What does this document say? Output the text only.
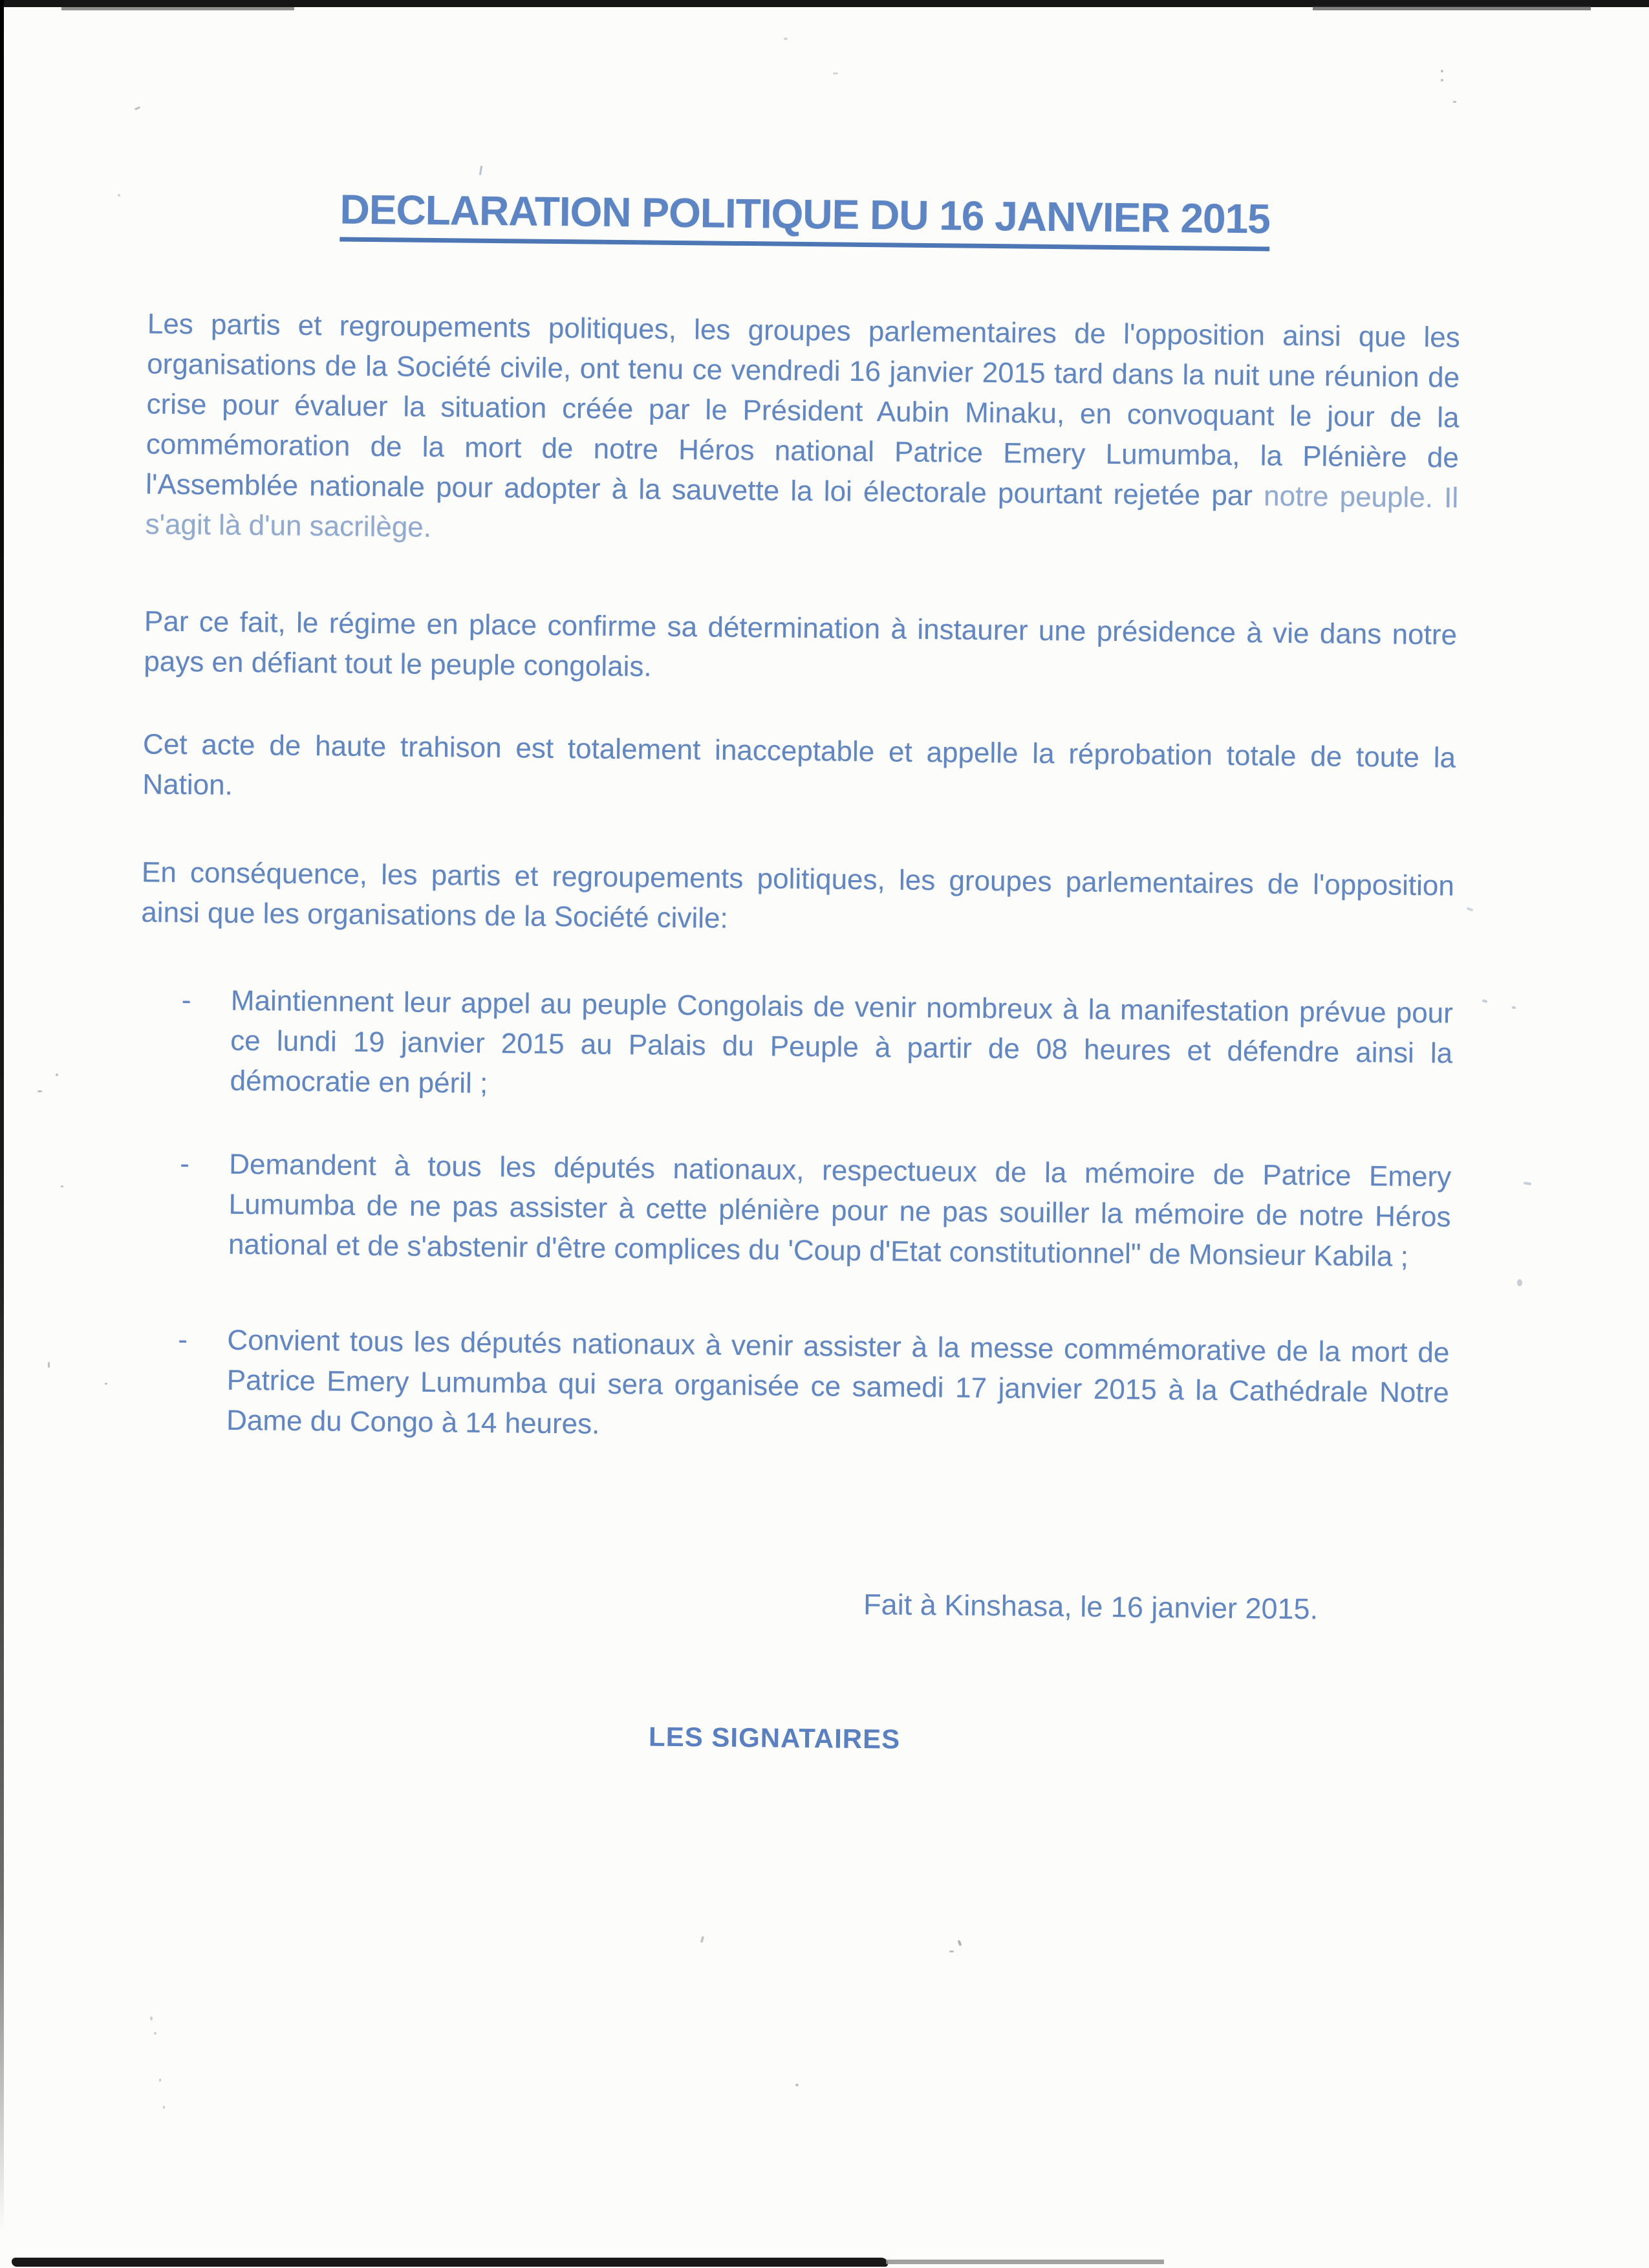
DECLARATION POLITIQUE DU 16 JANVIER 2015

Les partis et regroupements politiques, les groupes parlementaires de l'opposition ainsi que les organisations de la Société civile, ont tenu ce vendredi 16 janvier 2015 tard dans la nuit une réunion de crise pour évaluer la situation créée par le Président Aubin Minaku, en convoquant le jour de la commémoration de la mort de notre Héros national Patrice Emery Lumumba, la Plénière de l'Assemblée nationale pour adopter à la sauvette la loi électorale pourtant rejetée par notre peuple. Il s'agit là d'un sacrilège.

Par ce fait, le régime en place confirme sa détermination à instaurer une présidence à vie dans notre pays en défiant tout le peuple congolais.

Cet acte de haute trahison est totalement inacceptable et appelle la réprobation totale de toute la Nation.

En conséquence, les partis et regroupements politiques, les groupes parlementaires de l'opposition ainsi que les organisations de la Société civile:

- Maintiennent leur appel au peuple Congolais de venir nombreux à la manifestation prévue pour ce lundi 19 janvier 2015 au Palais du Peuple à partir de 08 heures et défendre ainsi la démocratie en péril ;
- Demandent à tous les députés nationaux, respectueux de la mémoire de Patrice Emery Lumumba de ne pas assister à cette plénière pour ne pas souiller la mémoire de notre Héros national et de s'abstenir d'être complices du 'Coup d'Etat constitutionnel" de Monsieur Kabila ;
- Convient tous les députés nationaux à venir assister à la messe commémorative de la mort de Patrice Emery Lumumba qui sera organisée ce samedi 17 janvier 2015 à la Cathédrale Notre Dame du Congo à 14 heures.

Fait à Kinshasa, le 16 janvier 2015.

LES SIGNATAIRES
